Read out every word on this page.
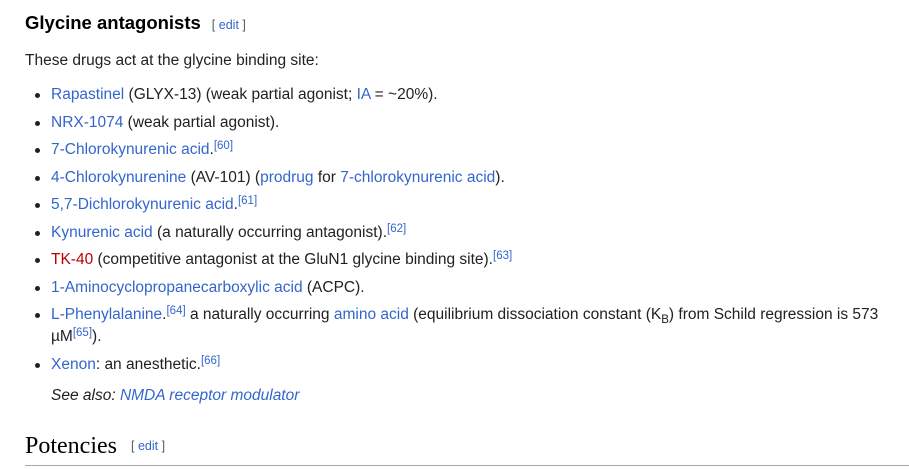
Glycine antagonists [ edit ]

These drugs act at the glycine binding site:

Rapastinel (GLYX-13) (weak partial agonist; IA = ~20%).
NRX-1074 (weak partial agonist).
7-Chlorokynurenic acid.[60]
4-Chlorokynurenine (AV-101) (prodrug for 7-chlorokynurenic acid).
5,7-Dichlorokynurenic acid.[61]
Kynurenic acid (a naturally occurring antagonist).[62]
TK-40 (competitive antagonist at the GluN1 glycine binding site).[63]
1-Aminocyclopropanecarboxylic acid (ACPC).
L-Phenylalanine.[64] a naturally occurring amino acid (equilibrium dissociation constant $(K_B)$ from Schild regression is 573 µM[65]).
Xenon: an anesthetic.[66]

See also: NMDA receptor modulator

Potencies [ edit ]
